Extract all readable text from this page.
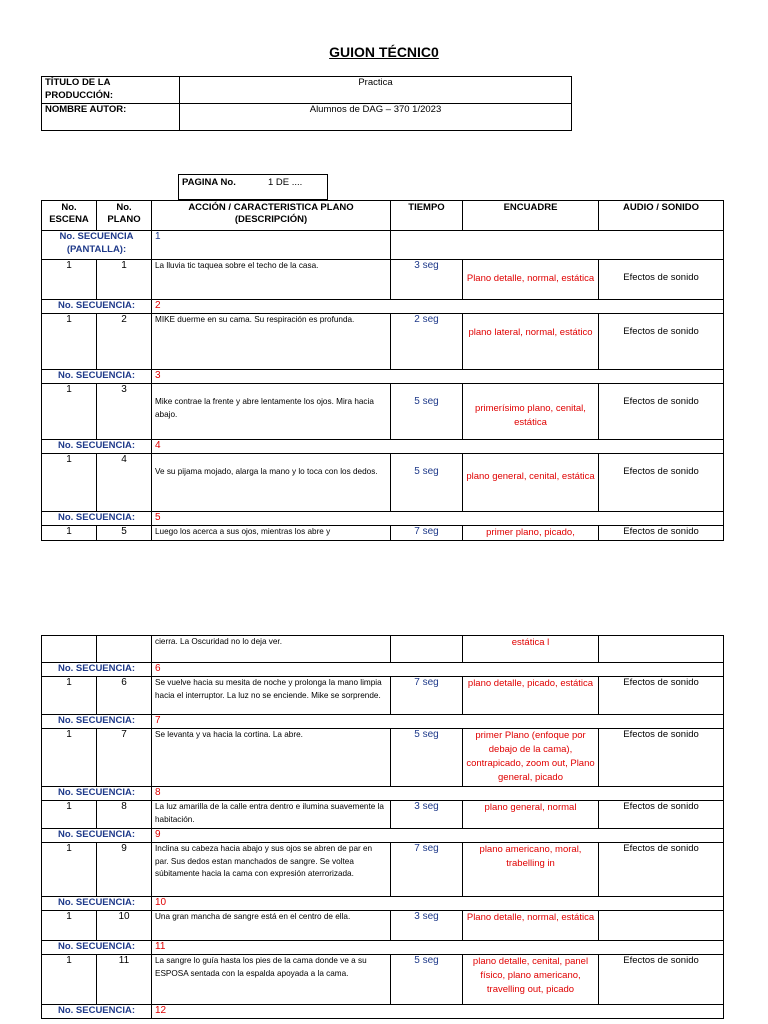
GUION TÉCNIC0
TÍTULO DE LA PRODUCCIÓN:	Practica
NOMBRE AUTOR:	Alumnos de DAG – 370 1/2023
PAGINA No.	1 DE ....
No. ESCENA	No. PLANO	ACCIÓN / CARACTERISTICA PLANO (DESCRIPCIÓN)	TIEMPO	ENCUADRE	AUDIO / SONIDO
No. SECUENCIA (PANTALLA):		1			
1	1	La lluvia tic taquea sobre el techo de la casa.	3 seg	Plano detalle, normal, estática	Efectos de sonido
No. SECUENCIA:		2			
1	2	MIKE duerme en su cama. Su respiración es profunda.	2 seg	plano lateral, normal, estático	Efectos de sonido
No. SECUENCIA:		3			
1	3	Mike contrae la frente y abre lentamente los ojos. Mira hacia abajo.	5 seg	primerísimo plano, cenital, estática	Efectos de sonido
No. SECUENCIA:		4			
1	4	Ve su pijama mojado, alarga la mano y lo toca con los dedos.	5 seg	plano general, cenital, estática	Efectos de sonido
No. SECUENCIA:		5			
1	5	Luego los acerca a sus ojos, mientras los abre y	7 seg	primer plano, picado,	Efectos de sonido
		cierra. La Oscuridad no lo deja ver.		estática l	
No. SECUENCIA:		6			
1	6	Se vuelve hacia su mesita de noche y prolonga la mano limpia hacia el interruptor. La luz no se enciende. Mike se sorprende.	7 seg	plano detalle, picado, estática	Efectos de sonido
No. SECUENCIA:		7			
1	7	Se levanta y va hacia la cortina. La abre.	5 seg	primer Plano (enfoque por debajo de la cama), contrapicado, zoom out, Plano general, picado	Efectos de sonido
No. SECUENCIA:		8			
1	8	La luz amarilla de la calle entra dentro e ilumina suavemente la habitación.	3 seg	plano general, normal	Efectos de sonido
No. SECUENCIA:		9			
1	9	Inclina su cabeza hacia abajo y sus ojos se abren de par en par. Sus dedos estan manchados de sangre. Se voltea súbitamente hacia la cama con expresión aterrorizada.	7 seg	plano americano, moral, trabelling in	Efectos de sonido
No. SECUENCIA:		10			
1	10	Una gran mancha de sangre está en el centro de ella.	3 seg	Plano detalle, normal, estática	
No. SECUENCIA:		11			
1	11	La sangre lo guía hasta los pies de la cama donde ve a su ESPOSA sentada con la espalda apoyada a la cama.	5 seg	plano detalle, cenital, panel físico, plano americano, travelling out, picado	Efectos de sonido
No. SECUENCIA:		12			
